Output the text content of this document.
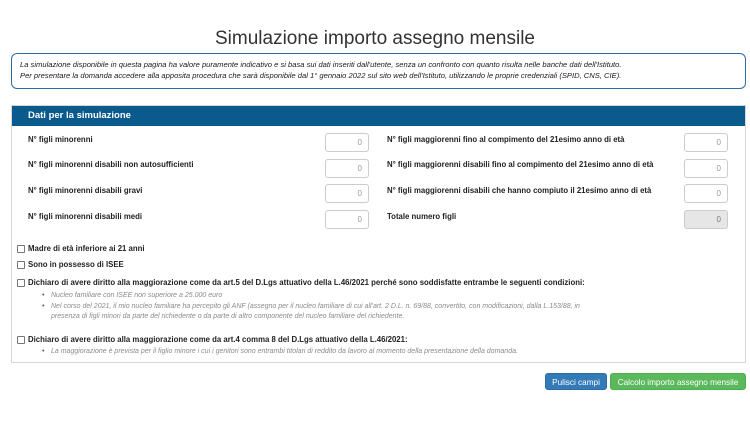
Simulazione importo assegno mensile
La simulazione disponibile in questa pagina ha valore puramente indicativo e si basa sui dati inseriti dall'utente, senza un confronto con quanto risulta nelle banche dati dell'Istituto.
Per presentare la domanda accedere alla apposita procedura che sarà disponibile dal 1° gennaio 2022 sul sito web dell'Istituto, utilizzando le proprie credenziali (SPID, CNS, CIE).
Dati per la simulazione
N° figli minorenni
0
N° figli minorenni disabili non autosufficienti
0
N° figli minorenni disabili gravi
0
N° figli minorenni disabili medi
0
N° figli maggiorenni fino al compimento del 21esimo anno di età
0
N° figli maggiorenni disabili fino al compimento del 21esimo anno di età
0
N° figli maggiorenni disabili che hanno compiuto il 21esimo anno di età
0
Totale numero figli
0
Madre di età inferiore ai 21 anni
Sono in possesso di ISEE
Dichiaro di avere diritto alla maggiorazione come da art.5 del D.Lgs attuativo della L.46/2021 perché sono soddisfatte entrambe le seguenti condizioni:
• Nucleo familiare con ISEE non superiore a 25.000 euro
• Nel corso del 2021, il mio nucleo familiare ha percepito gli ANF (assegno per il nucleo familiare di cui all'art. 2 D.L. n. 69/88, convertito, con modificazioni, dalla L.153/88, in
presenza di figli minori da parte del richiedente o da parte di altro componente del nucleo familiare del richiedente.
Dichiaro di avere diritto alla maggiorazione come da art.4 comma 8 del D.Lgs attuativo della L.46/2021:
• La maggiorazione è prevista per il figlio minore i cui i genitori sono entrambi titolari di reddito da lavoro al momento della presentazione della domanda.
Pulisci campi	Calcolo importo assegno mensile
